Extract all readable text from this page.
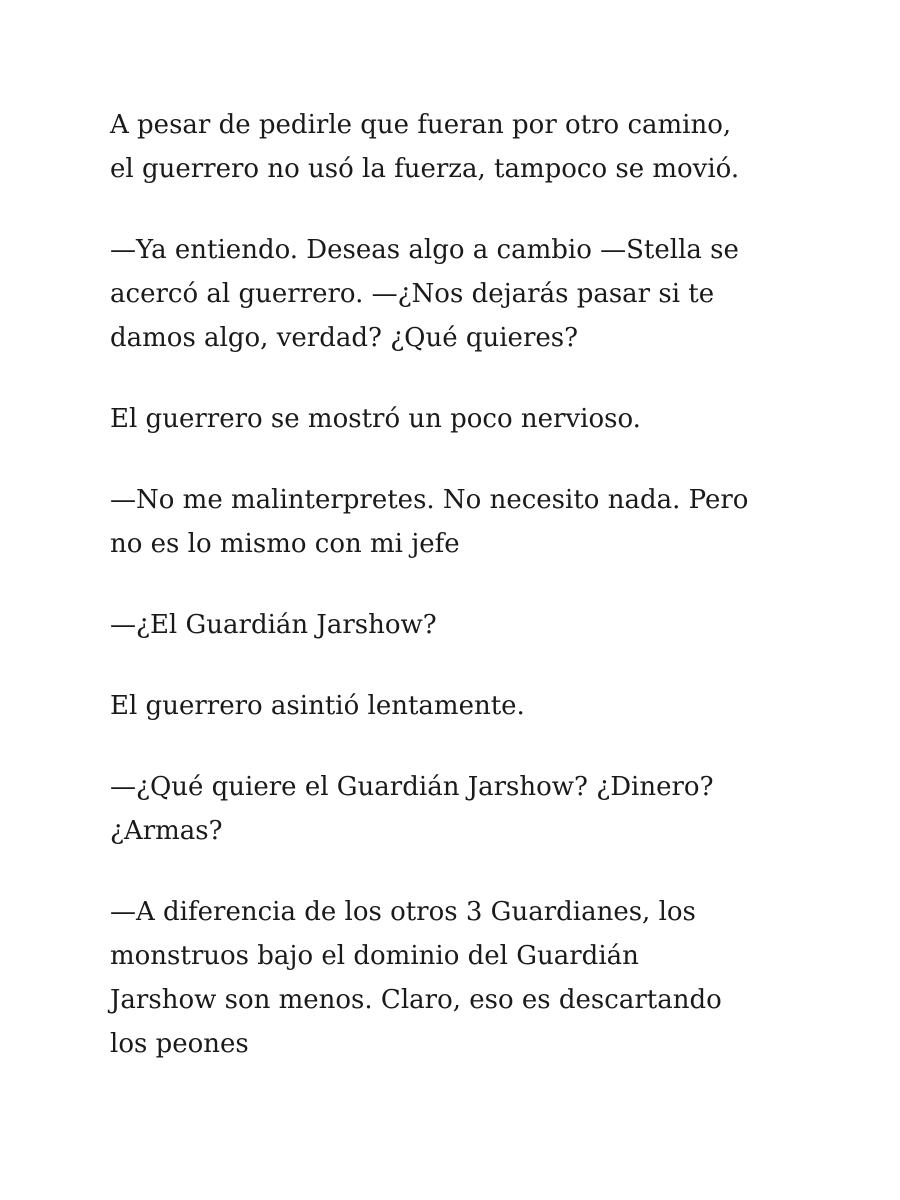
A pesar de pedirle que fueran por otro camino,
el guerrero no usó la fuerza, tampoco se movió.

—Ya entiendo. Deseas algo a cambio —Stella se
acercó al guerrero. —¿Nos dejarás pasar si te
damos algo, verdad? ¿Qué quieres?

El guerrero se mostró un poco nervioso.

—No me malinterpretes. No necesito nada. Pero
no es lo mismo con mi jefe

—¿El Guardián Jarshow?

El guerrero asintió lentamente.

—¿Qué quiere el Guardián Jarshow? ¿Dinero?
¿Armas?

—A diferencia de los otros 3 Guardianes, los
monstruos bajo el dominio del Guardián
Jarshow son menos. Claro, eso es descartando
los peones
